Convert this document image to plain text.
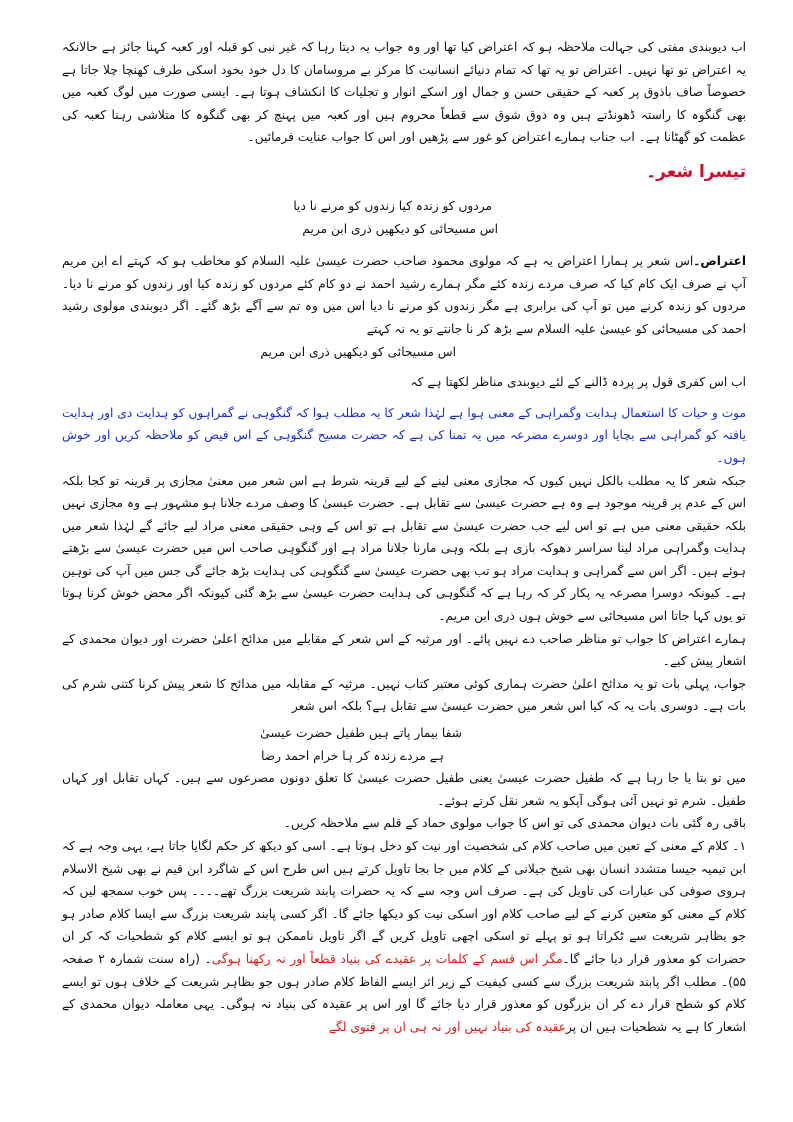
اب دیوبندی مفتی کی جہالت ملاحظہ ہو کہ اعتراض کیا تھا اور وہ جواب یہ دیتا رہا کہ غیر نبی کو قبلہ اور کعبہ کہنا جائز ہے حالانکہ یہ اعتراض تو تھا نہیں۔ اعتراض تو یہ تھا کہ تمام دنیائے انسانیت کا مرکز بے مروسامان کا دل خود بخود اسکی طرف کھنچا چلا جاتا ہے خصوصاً صاف باذوق پر کعبہ کے حقیقی حسن و جمال اور اسکے انوار و تجلیات کا انکشاف ہوتا ہے۔ ایسی صورت میں لوگ کعبہ میں بھی گنگوہ کا راستہ ڈھونڈتے ہیں وہ ذوق شوق سے قطعاً محروم ہیں اور کعبہ میں پہنچ کر بھی گنگوہ کا متلاشی رہنا کعبہ کی عظمت کو گھٹانا ہے۔ اب جناب ہمارے اعتراض کو غور سے پڑھیں اور اس کا جواب عنایت فرمائیں۔

تیسرا شعر۔

مردوں کو زندہ کیا زندوں کو مرنے نا دیا

اس مسیحائی کو دیکھیں ذری ابن مریم

اعتراض۔اس شعر پر ہمارا اعتراض یہ ہے کہ مولوی محمود صاحب حضرت عیسیٰ علیہ السلام کو مخاطب ہو کہ کہتے اے ابن مریم آپ نے صرف ایک کام کیا کہ صرف مردے زندہ کئے مگر ہمارے رشید احمد نے دو کام کئے مردوں کو زندہ کیا اور زندوں کو مرنے نا دیا۔ مردوں کو زندہ کرنے میں تو آپ کی برابری ہے مگر زندوں کو مرنے نا دیا اس میں وہ تم سے آگے بڑھ گئے۔ اگر دیوبندی مولوی رشید احمد کی مسیحائی کو عیسیٰ علیہ السلام سے بڑھ کر نا جانتے تو یہ نہ کہتے

اس مسیحائی کو دیکھیں ذری ابن مریم

اب اس کفری قول پر پردہ ڈالنے کے لئے دیوبندی مناظر لکھتا ہے کہ

موت و حیات کا استعمال ہدایت وگمراہی کے معنی ہوا ہے لہٰذا شعر کا یہ مطلب ہوا کہ گنگوہی نے گمراہوں کو ہدایت دی اور ہدایت یافتہ کو گمراہی سے بچایا اور دوسرے مصرعہ میں یہ تمنا کی ہے کہ حضرت مسیح گنگوہی کے اس فیض کو ملاحظہ کریں اور خوش ہوں۔

جبکہ شعر کا یہ مطلب بالکل نہیں کیوں کہ مجازی معنی لینے کے لیے قرینہ شرط ہے اس شعر میں معنیٰ مجازی پر قرینہ تو کجا بلکہ اس کے عدم پر قرینہ موجود ہے وہ ہے حضرت عیسیٰ سے تقابل ہے۔ حضرت عیسیٰ کا وصف مردے جلانا ہو مشہور ہے وہ مجازی نہیں بلکہ حقیقی معنی میں ہے تو اس لیے جب حضرت عیسیٰ سے تقابل ہے تو اس کے وہی حقیقی معنی مراد لیے جائے گے لہٰذا شعر میں ہدایت وگمراہی مراد لینا سراسر دھوکہ بازی ہے بلکہ وہی مارنا جلانا مراد ہے اور گنگوہی صاحب اس میں حضرت عیسیٰ سے بڑھتے ہوئے ہیں۔ اگر اس سے گمراہی و ہدایت مراد ہو تب بھی حضرت عیسیٰ سے گنگوہی کی ہدایت بڑھ جائے گی جس میں آپ کی توہین ہے۔ کیونکہ دوسرا مصرعہ یہ پکار کر کہ رہا ہے کہ گنگوہی کی ہدایت حضرت عیسیٰ سے بڑھ گئی کیونکہ اگر محض خوش کرنا ہوتا تو یوں کہا جاتا اس مسیحائی سے خوش ہوں ذری ابن مریم۔

ہمارے اعتراض کا جواب تو مناظر صاحب دے نہیں پائے۔ اور مرثیہ کے اس شعر کے مقابلے میں مدائح اعلیٰ حضرت اور دیوان محمدی کے اشعار پیش کیے۔

جواب، پہلی بات تو یہ مدائح اعلیٰ حضرت ہماری کوئی معتبر کتاب نہیں۔ مرثیہ کے مقابلہ میں مدائح کا شعر پیش کرنا کتنی شرم کی بات ہے۔ دوسری بات یہ کہ کیا اس شعر میں حضرت عیسیٰ سے تقابل ہے؟ بلکہ اس شعر

شفا بیمار پاتے ہیں طفیل حضرت عیسیٰ

ہے مردے زندہ کر ہا خرام احمد رضا

میں تو بتا یا جا رہا ہے کہ طفیل حضرت عیسیٰ یعنی طفیل حضرت عیسیٰ کا تعلق دونوں مصرعوں سے ہیں۔ کہاں تقابل اور کہاں طفیل۔ شرم تو نہیں آئی ہوگی آپکو یہ شعر نقل کرتے ہوئے۔

باقی رہ گئی بات دیوان محمدی کی تو اس کا جواب مولوی حماد کے قلم سے ملاحظہ کریں۔

۱۔ کلام کے معنی کے تعین میں صاحب کلام کی شخصیت اور نیت کو دخل ہوتا ہے۔ اسی کو دیکھ کر حکم لگایا جاتا ہے، یہی وجہ ہے کہ ابن تیمیہ جیسا متشدد انسان بھی شیخ جیلانی کے کلام میں جا بجا تاویل کرتے ہیں اس طرح اس کے شاگرد ابن قیم نے بھی شیخ الاسلام ہروی صوفی کی عبارات کی تاویل کی ہے۔ صرف اس وجہ سے کہ یہ حضرات پابند شریعت بزرگ تھے۔۔۔۔ پس خوب سمجھ لیں کہ کلام کے معنی کو متعین کرنے کے لیے صاحب کلام اور اسکی نیت کو دیکھا جائے گا۔ اگر کسی پابند شریعت بزرگ سے ایسا کلام صادر ہو جو بظاہر شریعت سے ٹکراتا ہو تو پہلے تو اسکی اچھی تاویل کریں گے اگر تاویل ناممکن ہو تو ایسے کلام کو شطحیات کہ کر ان حضرات کو معذور قرار دیا جائے گا۔مگر اس قسم کے کلمات پر عقیدے کی بنیاد قطعاً اور نہ رکھنا ہوگی۔ (راہ سنت شمارہ ۲ صفحہ ۵۵)۔ مطلب اگر پابند شریعت بزرگ سے کسی کیفیت کے زیر اثر ایسے الفاظ کلام صادر ہوں جو بظاہر شریعت کے خلاف ہوں تو ایسے کلام کو شطح قرار دے کر ان بزرگوں کو معذور قرار دیا جائے گا اور اس پر عقیدہ کی بنیاد نہ ہوگی۔ یہی معاملہ دیوان محمدی کے اشعار کا ہے یہ شطحیات ہیں ان پرعقیدہ کی بنیاد نہیں اور نہ ہی ان پر فتوی لگے
